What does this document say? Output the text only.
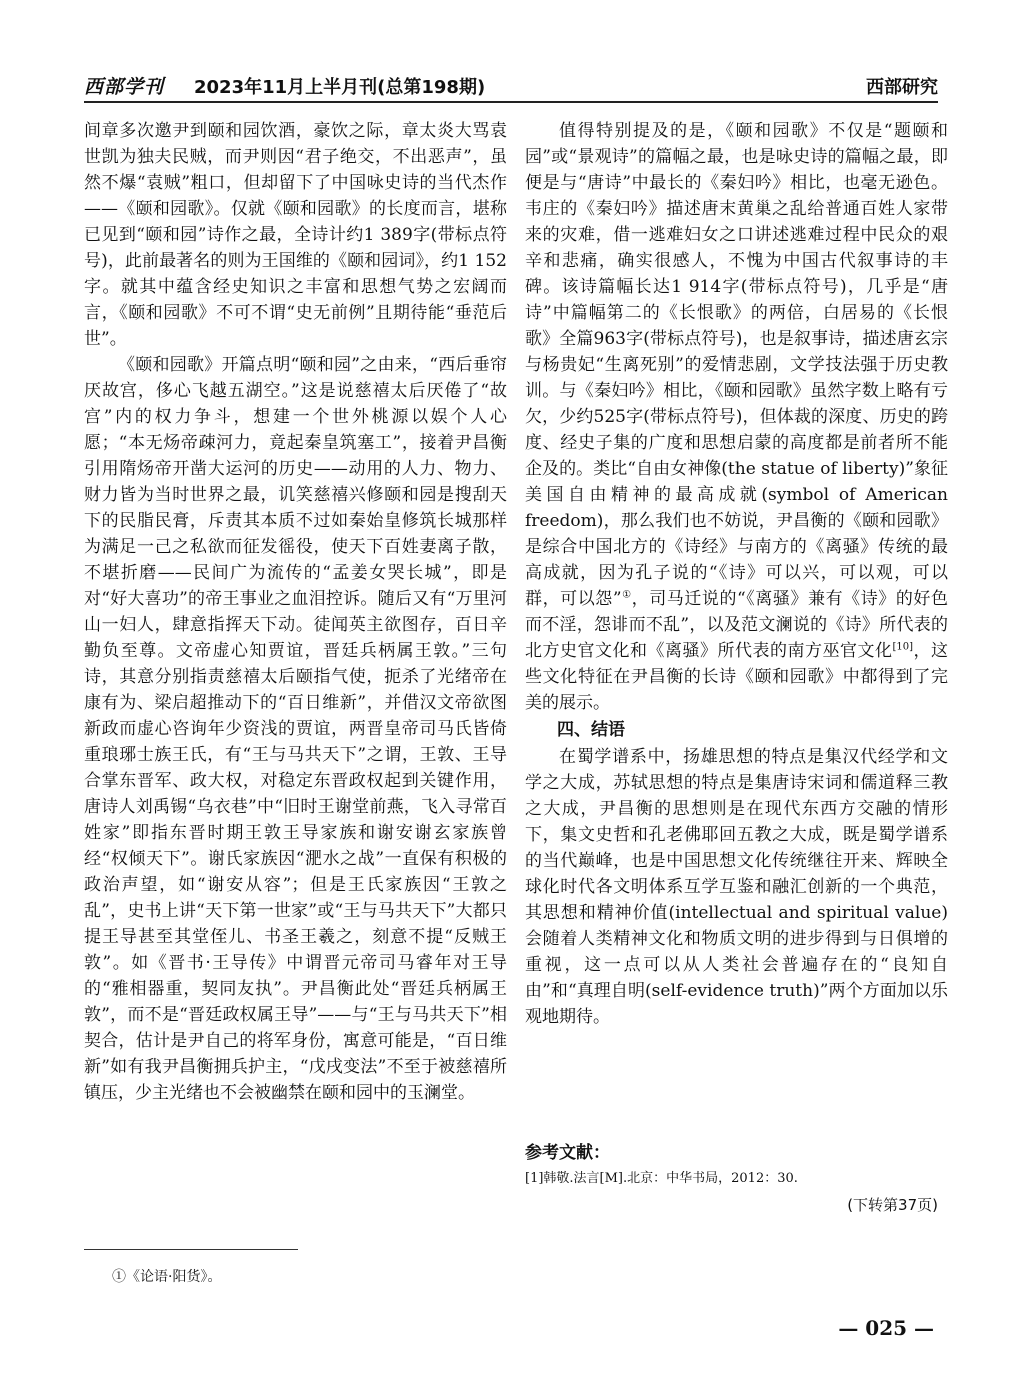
西部学刊 2023年11月上半月刊(总第198期)	西部研究

间章多次邀尹到颐和园饮酒，豪饮之际，章太炎大骂袁世凯为独夫民贼，而尹则因“君子绝交，不出恶声”，虽然不爆“袁贼”粗口，但却留下了中国咏史诗的当代杰作——《颐和园歌》。仅就《颐和园歌》的长度而言，堪称已见到“颐和园”诗作之最，全诗计约1 389字(带标点符号)，此前最著名的则为王国维的《颐和园词》，约1 152字。就其中蕴含经史知识之丰富和思想气势之宏阔而言，《颐和园歌》不可不谓“史无前例”且期待能“垂范后世”。

《颐和园歌》开篇点明“颐和园”之由来，“西后垂帘厌故宫，侈心飞越五湖空。”这是说慈禧太后厌倦了“故宫”内的权力争斗，想建一个世外桃源以娱个人心愿；“本无炀帝疎河力，竟起秦皇筑塞工”，接着尹昌衡引用隋炀帝开凿大运河的历史——动用的人力、物力、财力皆为当时世界之最，讥笑慈禧兴修颐和园是搜刮天下的民脂民膏，斥责其本质不过如秦始皇修筑长城那样为满足一己之私欲而征发徭役，使天下百姓妻离子散，不堪折磨——民间广为流传的“孟姜女哭长城”，即是对“好大喜功”的帝王事业之血泪控诉。随后又有“万里河山一妇人，肆意指挥天下动。徒闻英主欲图存，百日辛勤负至尊。文帝虚心知贾谊，晋廷兵柄属王敦。”三句诗，其意分别指责慈禧太后颐指气使，扼杀了光绪帝在康有为、梁启超推动下的“百日维新”，并借汉文帝欲图新政而虚心咨询年少资浅的贾谊，两晋皇帝司马氏皆倚重琅琊士族王氏，有“王与马共天下”之谓，王敦、王导合掌东晋军、政大权，对稳定东晋政权起到关键作用，唐诗人刘禹锡“乌衣巷”中“旧时王谢堂前燕，飞入寻常百姓家”即指东晋时期王敦王导家族和谢安谢玄家族曾经“权倾天下”。谢氏家族因“淝水之战”一直保有积极的政治声望，如“谢安从容”；但是王氏家族因“王敦之乱”，史书上讲“天下第一世家”或“王与马共天下”大都只提王导甚至其堂侄儿、书圣王羲之，刻意不提“反贼王敦”。如《晋书·王导传》中谓晋元帝司马睿年对王导的“雅相器重，契同友执”。尹昌衡此处“晋廷兵柄属王敦”，而不是“晋廷政权属王导”——与“王与马共天下”相契合，估计是尹自己的将军身份，寓意可能是，“百日维新”如有我尹昌衡拥兵护主，“戊戌变法”不至于被慈禧所镇压，少主光绪也不会被幽禁在颐和园中的玉澜堂。

值得特别提及的是，《颐和园歌》不仅是“题颐和园”或“景观诗”的篇幅之最，也是咏史诗的篇幅之最，即便是与“唐诗”中最长的《秦妇吟》相比，也毫无逊色。韦庄的《秦妇吟》描述唐末黄巢之乱给普通百姓人家带来的灾难，借一逃难妇女之口讲述逃难过程中民众的艰辛和悲痛，确实很感人，不愧为中国古代叙事诗的丰碑。该诗篇幅长达1 914字(带标点符号)，几乎是“唐诗”中篇幅第二的《长恨歌》的两倍，白居易的《长恨歌》全篇963字(带标点符号)，也是叙事诗，描述唐玄宗与杨贵妃“生离死别”的爱情悲剧，文学技法强于历史教训。与《秦妇吟》相比，《颐和园歌》虽然字数上略有亏欠，少约525字(带标点符号)，但体裁的深度、历史的跨度、经史子集的广度和思想启蒙的高度都是前者所不能企及的。类比“自由女神像(the statue of liberty)”象征美国自由精神的最高成就(symbol of American freedom)，那么我们也不妨说，尹昌衡的《颐和园歌》是综合中国北方的《诗经》与南方的《离骚》传统的最高成就，因为孔子说的“《诗》可以兴，可以观，可以群，可以怨”①，司马迁说的“《离骚》兼有《诗》的好色而不淫，怨诽而不乱”，以及范文澜说的《诗》所代表的北方史官文化和《离骚》所代表的南方巫官文化[10]，这些文化特征在尹昌衡的长诗《颐和园歌》中都得到了完美的展示。

四、结语

在蜀学谱系中，扬雄思想的特点是集汉代经学和文学之大成，苏轼思想的特点是集唐诗宋词和儒道释三教之大成，尹昌衡的思想则是在现代东西方交融的情形下，集文史哲和孔老佛耶回五教之大成，既是蜀学谱系的当代巅峰，也是中国思想文化传统继往开来、辉映全球化时代各文明体系互学互鉴和融汇创新的一个典范，其思想和精神价值(intellectual and spiritual value)会随着人类精神文化和物质文明的进步得到与日俱增的重视，这一点可以从人类社会普遍存在的“良知自由”和“真理自明(self-evidence truth)”两个方面加以乐观地期待。

参考文献：

[1]韩敬.法言[M].北京：中华书局，2012：30.

(下转第37页)
①《论语·阳货》。
— 025 —
